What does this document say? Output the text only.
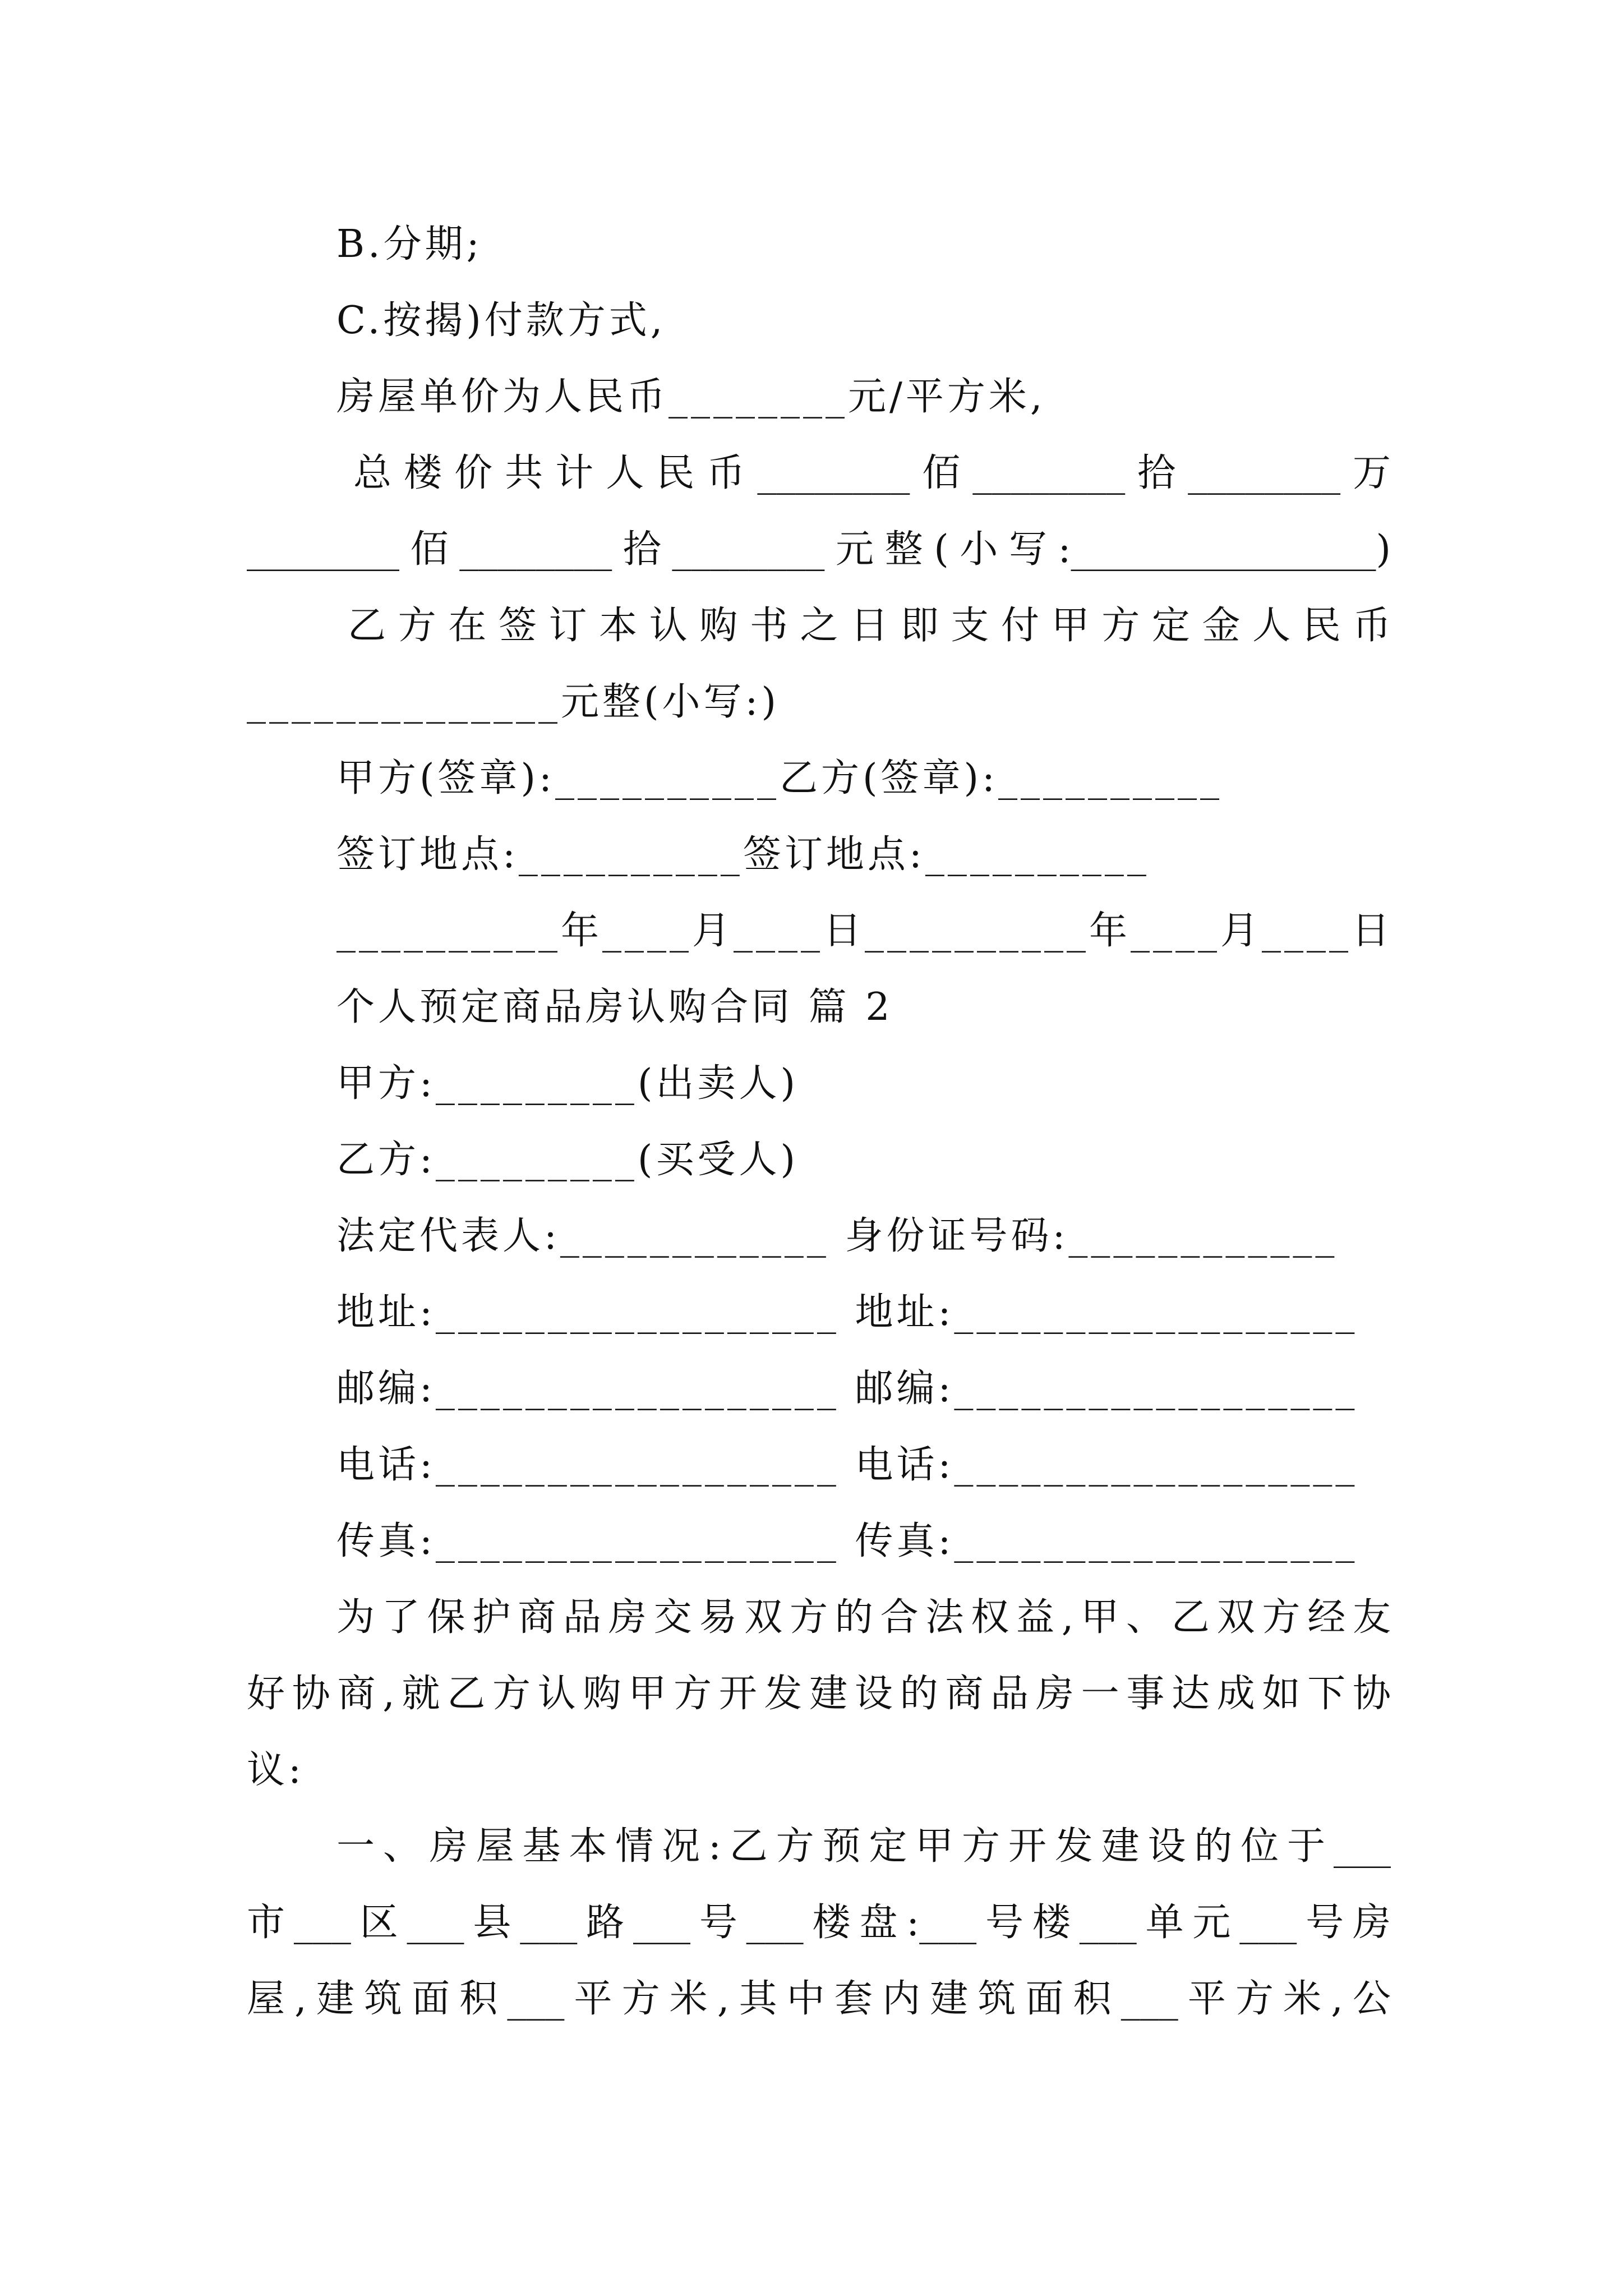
B.分期;
C.按揭)付款方式,
房屋单价为人民币________元/平方米,
总 楼 价 共 计 人 民 币 ________ 佰 ________ 拾 ________ 万
________佰________拾________元整(小写:________________)
乙 方 在 签 订 本 认 购 书 之 日 即 支 付 甲 方 定 金 人 民 币
______________元整(小写:)
甲方(签章):__________乙方(签章):__________
签订地点:__________签订地点:__________
__________年____月____日__________年____月____日
个人预定商品房认购合同 篇 2
甲方:_________(出卖人)
乙方:_________(买受人)
法定代表人:____________ 身份证号码:____________
地址:__________________ 地址:__________________
邮编:__________________ 邮编:__________________
电话:__________________ 电话:__________________
传真:__________________ 传真:__________________
为了保护商品房交易双方的合法权益,甲、乙双方经友
好协商,就乙方认购甲方开发建设的商品房一事达成如下协
议:
一、房屋基本情况:乙方预定甲方开发建设的位于___
市___区___县___路___号___楼盘:___号楼___单元___号房
屋,建筑面积___平方米,其中套内建筑面积___平方米,公
